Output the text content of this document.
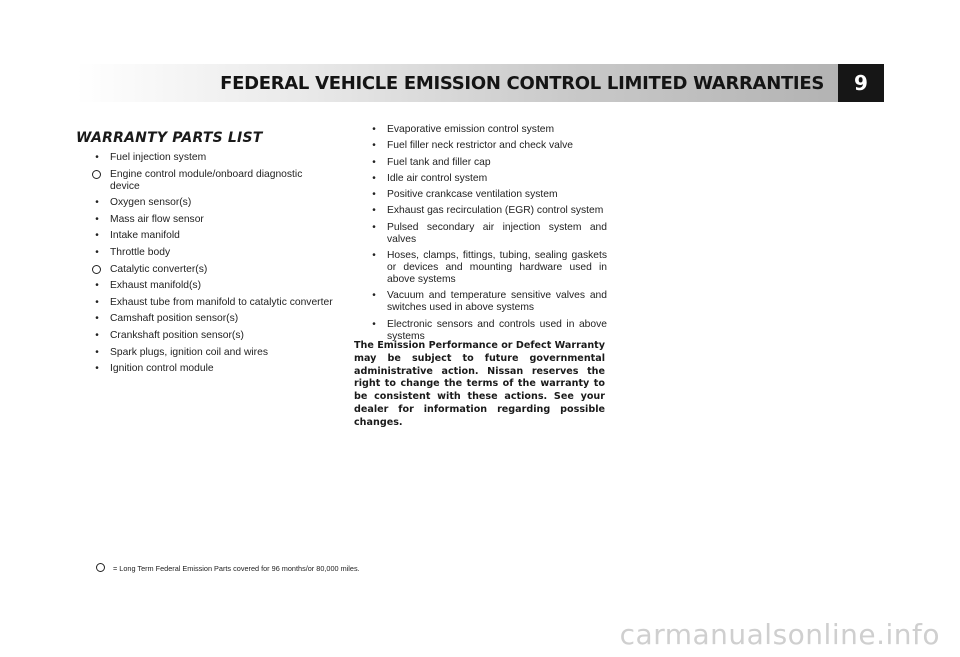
FEDERAL VEHICLE EMISSION CONTROL LIMITED WARRANTIES	9
WARRANTY PARTS LIST
•	Fuel injection system
Engine control module/onboard diagnostic device
•	Oxygen sensor(s)
•	Mass air flow sensor
•	Intake manifold
•	Throttle body
Catalytic converter(s)
•	Exhaust manifold(s)
•	Exhaust tube from manifold to catalytic converter
•	Camshaft position sensor(s)
•	Crankshaft position sensor(s)
•	Spark plugs, ignition coil and wires
•	Ignition control module
•	Evaporative emission control system
•	Fuel filler neck restrictor and check valve
•	Fuel tank and filler cap
•	Idle air control system
•	Positive crankcase ventilation system
•	Exhaust gas recirculation (EGR) control system
•	Pulsed secondary air injection system and valves
•	Hoses, clamps, fittings, tubing, sealing gaskets or devices and mounting hardware used in above systems
•	Vacuum and temperature sensitive valves and switches used in above systems
•	Electronic sensors and controls used in above systems

The Emission Performance or Defect Warranty may be subject to future governmental administrative action. Nissan reserves the right to change the terms of the warranty to be consistent with these actions. See your dealer for information regarding possible changes.

= Long Term Federal Emission Parts covered for 96 months/or 80,000 miles.
carmanualsonline.info
